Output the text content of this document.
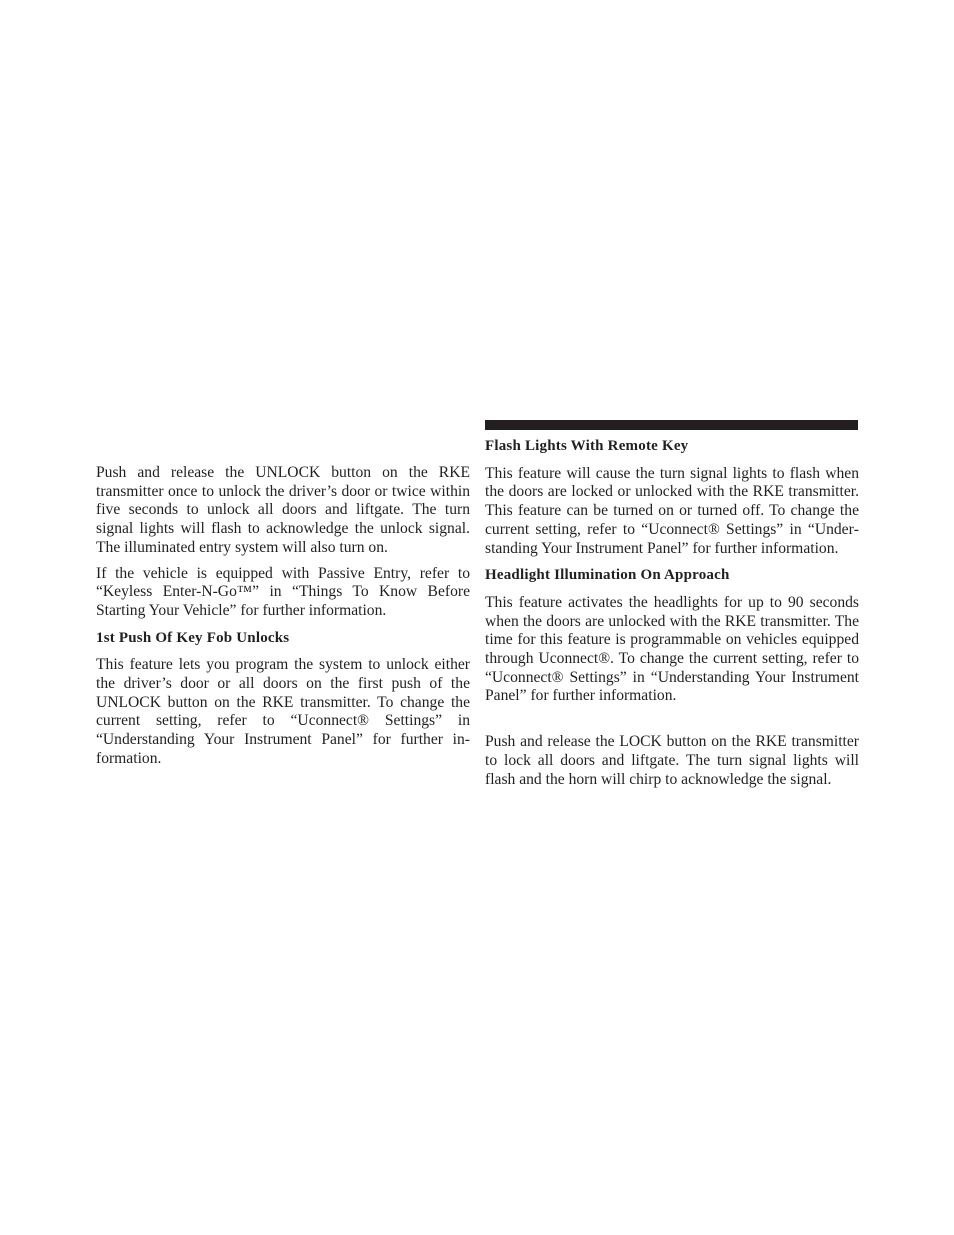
Push and release the UNLOCK button on the RKE transmitter once to unlock the driver’s door or twice within five seconds to unlock all doors and liftgate. The turn signal lights will flash to acknowledge the unlock signal. The illuminated entry system will also turn on.

If the vehicle is equipped with Passive Entry, refer to “Keyless Enter-N-Go™” in “Things To Know Before Starting Your Vehicle” for further information.

1st Push Of Key Fob Unlocks

This feature lets you program the system to unlock either the driver’s door or all doors on the first push of the UNLOCK button on the RKE transmitter. To change the current setting, refer to “Uconnect® Settings” in “Understanding Your Instrument Panel” for further information.

Flash Lights With Remote Key

This feature will cause the turn signal lights to flash when the doors are locked or unlocked with the RKE transmitter. This feature can be turned on or turned off. To change the current setting, refer to “Uconnect® Settings” in “Understanding Your Instrument Panel” for further information.

Headlight Illumination On Approach

This feature activates the headlights for up to 90 seconds when the doors are unlocked with the RKE transmitter. The time for this feature is programmable on vehicles equipped through Uconnect®. To change the current setting, refer to “Uconnect® Settings” in “Understanding Your Instrument Panel” for further information.

Push and release the LOCK button on the RKE transmitter to lock all doors and liftgate. The turn signal lights will flash and the horn will chirp to acknowledge the signal.
